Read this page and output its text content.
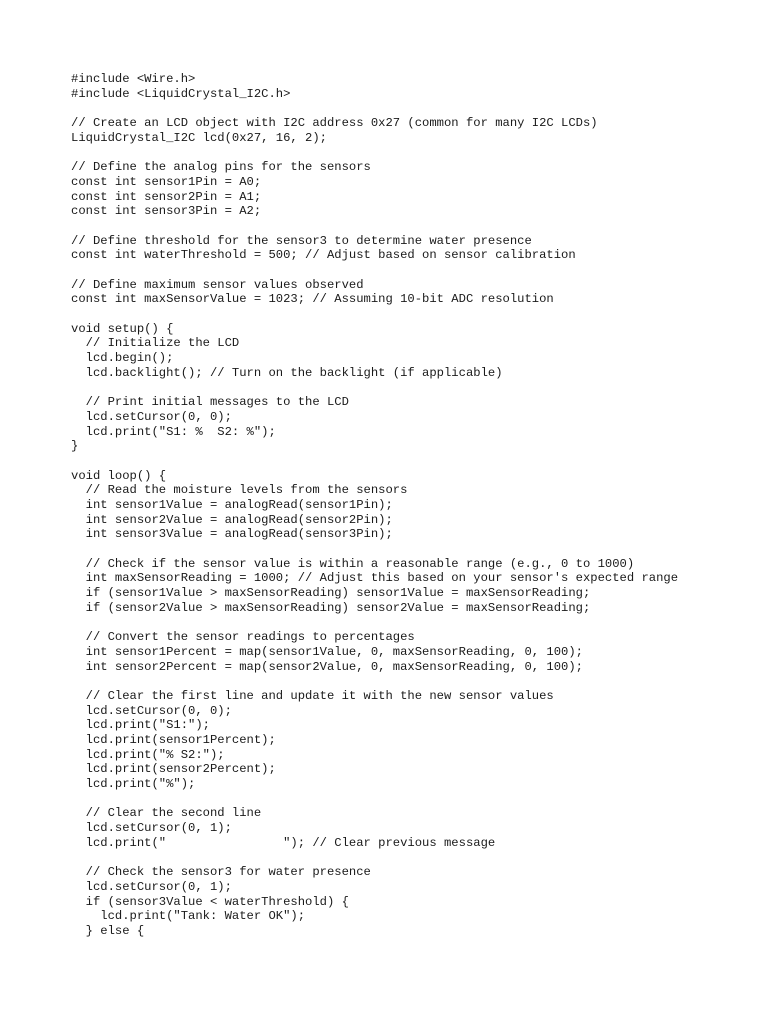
#include <Wire.h>
#include <LiquidCrystal_I2C.h>
// Create an LCD object with I2C address 0x27 (common for many I2C LCDs)
LiquidCrystal_I2C lcd(0x27, 16, 2);
// Define the analog pins for the sensors
const int sensor1Pin = A0;
const int sensor2Pin = A1;
const int sensor3Pin = A2;
// Define threshold for the sensor3 to determine water presence
const int waterThreshold = 500; // Adjust based on sensor calibration
// Define maximum sensor values observed
const int maxSensorValue = 1023; // Assuming 10-bit ADC resolution
void setup() {
// Initialize the LCD
lcd.begin();
lcd.backlight(); // Turn on the backlight (if applicable)
// Print initial messages to the LCD
lcd.setCursor(0, 0);
lcd.print("S1: %  S2: %");
}
void loop() {
// Read the moisture levels from the sensors
int sensor1Value = analogRead(sensor1Pin);
int sensor2Value = analogRead(sensor2Pin);
int sensor3Value = analogRead(sensor3Pin);
// Check if the sensor value is within a reasonable range (e.g., 0 to 1000)
int maxSensorReading = 1000; // Adjust this based on your sensor's expected range
if (sensor1Value > maxSensorReading) sensor1Value = maxSensorReading;
if (sensor2Value > maxSensorReading) sensor2Value = maxSensorReading;
// Convert the sensor readings to percentages
int sensor1Percent = map(sensor1Value, 0, maxSensorReading, 0, 100);
int sensor2Percent = map(sensor2Value, 0, maxSensorReading, 0, 100);
// Clear the first line and update it with the new sensor values
lcd.setCursor(0, 0);
lcd.print("S1:");
lcd.print(sensor1Percent);
lcd.print("% S2:");
lcd.print(sensor2Percent);
lcd.print("%");
// Clear the second line
lcd.setCursor(0, 1);
lcd.print("                "); // Clear previous message
// Check the sensor3 for water presence
lcd.setCursor(0, 1);
if (sensor3Value < waterThreshold) {
lcd.print("Tank: Water OK");
} else {
